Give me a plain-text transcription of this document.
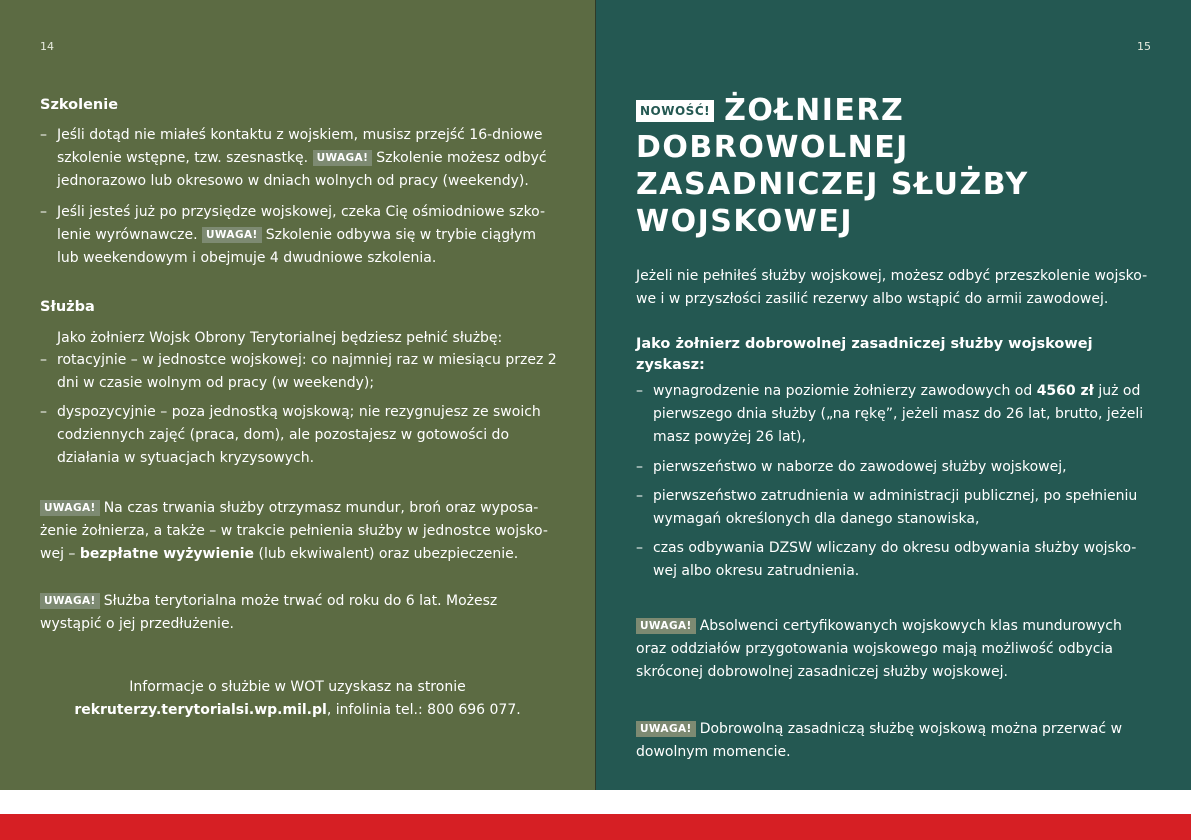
14
Szkolenie
– Jeśli dotąd nie miałeś kontaktu z wojskiem, musisz przejść 16-dniowe szkolenie wstępne, tzw. szesnastkę. UWAGA! Szkolenie możesz odbyć jednorazowo lub okresowo w dniach wolnych od pracy (weekendy).
– Jeśli jesteś już po przysiędze wojskowej, czeka Cię ośmiodniowe szko- lenie wyrównawcze. UWAGA! Szkolenie odbywa się w trybie ciągłym lub weekendowym i obejmuje 4 dwudniowe szkolenia.
Służba
Jako żołnierz Wojsk Obrony Terytorialnej będziesz pełnić służbę:
– rotacyjnie – w jednostce wojskowej: co najmniej raz w miesiącu przez 2 dni w czasie wolnym od pracy (w weekendy);
– dyspozycyjnie – poza jednostką wojskową; nie rezygnujesz ze swoich codziennych zajęć (praca, dom), ale pozostajesz w gotowości do działania w sytuacjach kryzysowych.
UWAGA! Na czas trwania służby otrzymasz mundur, broń oraz wyposa- żenie żołnierza, a także – w trakcie pełnienia służby w jednostce wojsko- wej – bezpłatne wyżywienie (lub ekwiwalent) oraz ubezpieczenie.
UWAGA! Służba terytorialna może trwać od roku do 6 lat. Możesz wystąpić o jej przedłużenie.
Informacje o służbie w WOT uzyskasz na stronie
rekruterzy.terytorialsi.wp.mil.pl, infolinia tel.: 800 696 077.
15
NOWOŚĆ! ŻOŁNIERZ
DOBROWOLNEJ
ZASADNICZEJ SŁUŻBY
WOJSKOWEJ
Jeżeli nie pełniłeś służby wojskowej, możesz odbyć przeszkolenie wojsko- we i w przyszłości zasilić rezerwy albo wstąpić do armii zawodowej.
Jako żołnierz dobrowolnej zasadniczej służby wojskowej zyskasz:
– wynagrodzenie na poziomie żołnierzy zawodowych od 4560 zł już od pierwszego dnia służby („na rękę”, jeżeli masz do 26 lat, brutto, jeżeli masz powyżej 26 lat),
– pierwszeństwo w naborze do zawodowej służby wojskowej,
– pierwszeństwo zatrudnienia w administracji publicznej, po spełnieniu wymagań określonych dla danego stanowiska,
– czas odbywania DZSW wliczany do okresu odbywania służby wojsko- wej albo okresu zatrudnienia.
UWAGA! Absolwenci certyfikowanych wojskowych klas mundurowych oraz oddziałów przygotowania wojskowego mają możliwość odbycia skróconej dobrowolnej zasadniczej służby wojskowej.
UWAGA! Dobrowolną zasadniczą służbę wojskową można przerwać w dowolnym momencie.
